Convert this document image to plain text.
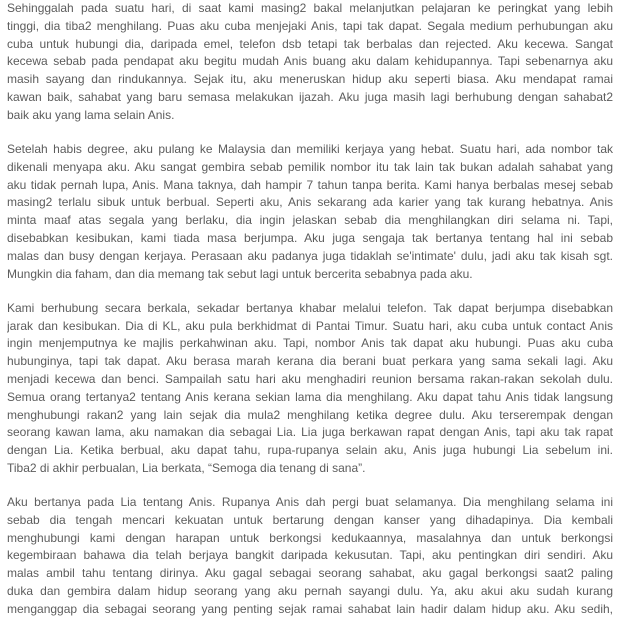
Sehinggalah pada suatu hari, di saat kami masing2 bakal melanjutkan pelajaran ke peringkat yang lebih
tinggi, dia tiba2 menghilang. Puas aku cuba menjejaki Anis, tapi tak dapat. Segala medium perhubungan aku
cuba untuk hubungi dia, daripada emel, telefon dsb tetapi tak berbalas dan rejected. Aku kecewa. Sangat
kecewa sebab pada pendapat aku begitu mudah Anis buang aku dalam kehidupannya. Tapi sebenarnya aku
masih sayang dan rindukannya. Sejak itu, aku meneruskan hidup aku seperti biasa. Aku mendapat ramai
kawan baik, sahabat yang baru semasa melakukan ijazah. Aku juga masih lagi berhubung dengan sahabat2
baik aku yang lama selain Anis.
Setelah habis degree, aku pulang ke Malaysia dan memiliki kerjaya yang hebat. Suatu hari, ada nombor tak
dikenali menyapa aku. Aku sangat gembira sebab pemilik nombor itu tak lain tak bukan adalah sahabat yang
aku tidak pernah lupa, Anis. Mana taknya, dah hampir 7 tahun tanpa berita. Kami hanya berbalas mesej sebab
masing2 terlalu sibuk untuk berbual. Seperti aku, Anis sekarang ada karier yang tak kurang hebatnya. Anis
minta maaf atas segala yang berlaku, dia ingin jelaskan sebab dia menghilangkan diri selama ni. Tapi,
disebabkan kesibukan, kami tiada masa berjumpa. Aku juga sengaja tak bertanya tentang hal ini sebab
malas dan busy dengan kerjaya. Perasaan aku padanya juga tidaklah se'intimate' dulu, jadi aku tak kisah sgt.
Mungkin dia faham, dan dia memang tak sebut lagi untuk bercerita sebabnya pada aku.
Kami berhubung secara berkala, sekadar bertanya khabar melalui telefon. Tak dapat berjumpa disebabkan
jarak dan kesibukan. Dia di KL, aku pula berkhidmat di Pantai Timur. Suatu hari, aku cuba untuk contact Anis
ingin menjemputnya ke majlis perkahwinan aku. Tapi, nombor Anis tak dapat aku hubungi. Puas aku cuba
hubunginya, tapi tak dapat. Aku berasa marah kerana dia berani buat perkara yang sama sekali lagi. Aku
menjadi kecewa dan benci. Sampailah satu hari aku menghadiri reunion bersama rakan-rakan sekolah dulu.
Semua orang tertanya2 tentang Anis kerana sekian lama dia menghilang. Aku dapat tahu Anis tidak langsung
menghubungi rakan2 yang lain sejak dia mula2 menghilang ketika degree dulu. Aku terserempak dengan
seorang kawan lama, aku namakan dia sebagai Lia. Lia juga berkawan rapat dengan Anis, tapi aku tak rapat
dengan Lia. Ketika berbual, aku dapat tahu, rupa-rupanya selain aku, Anis juga hubungi Lia sebelum ini.
Tiba2 di akhir perbualan, Lia berkata, “Semoga dia tenang di sana”.
Aku bertanya pada Lia tentang Anis. Rupanya Anis dah pergi buat selamanya. Dia menghilang selama ini
sebab dia tengah mencari kekuatan untuk bertarung dengan kanser yang dihadapinya. Dia kembali
menghubungi kami dengan harapan untuk berkongsi kedukaannya, masalahnya dan untuk berkongsi
kegembiraan bahawa dia telah berjaya bangkit daripada kekusutan. Tapi, aku pentingkan diri sendiri. Aku
malas ambil tahu tentang dirinya. Aku gagal sebagai seorang sahabat, aku gagal berkongsi saat2 paling
duka dan gembira dalam hidup seorang yang aku pernah sayangi dulu. Ya, aku akui aku sudah kurang
menganggap dia sebagai seorang yang penting sejak ramai sahabat lain hadir dalam hidup aku. Aku sedih,
